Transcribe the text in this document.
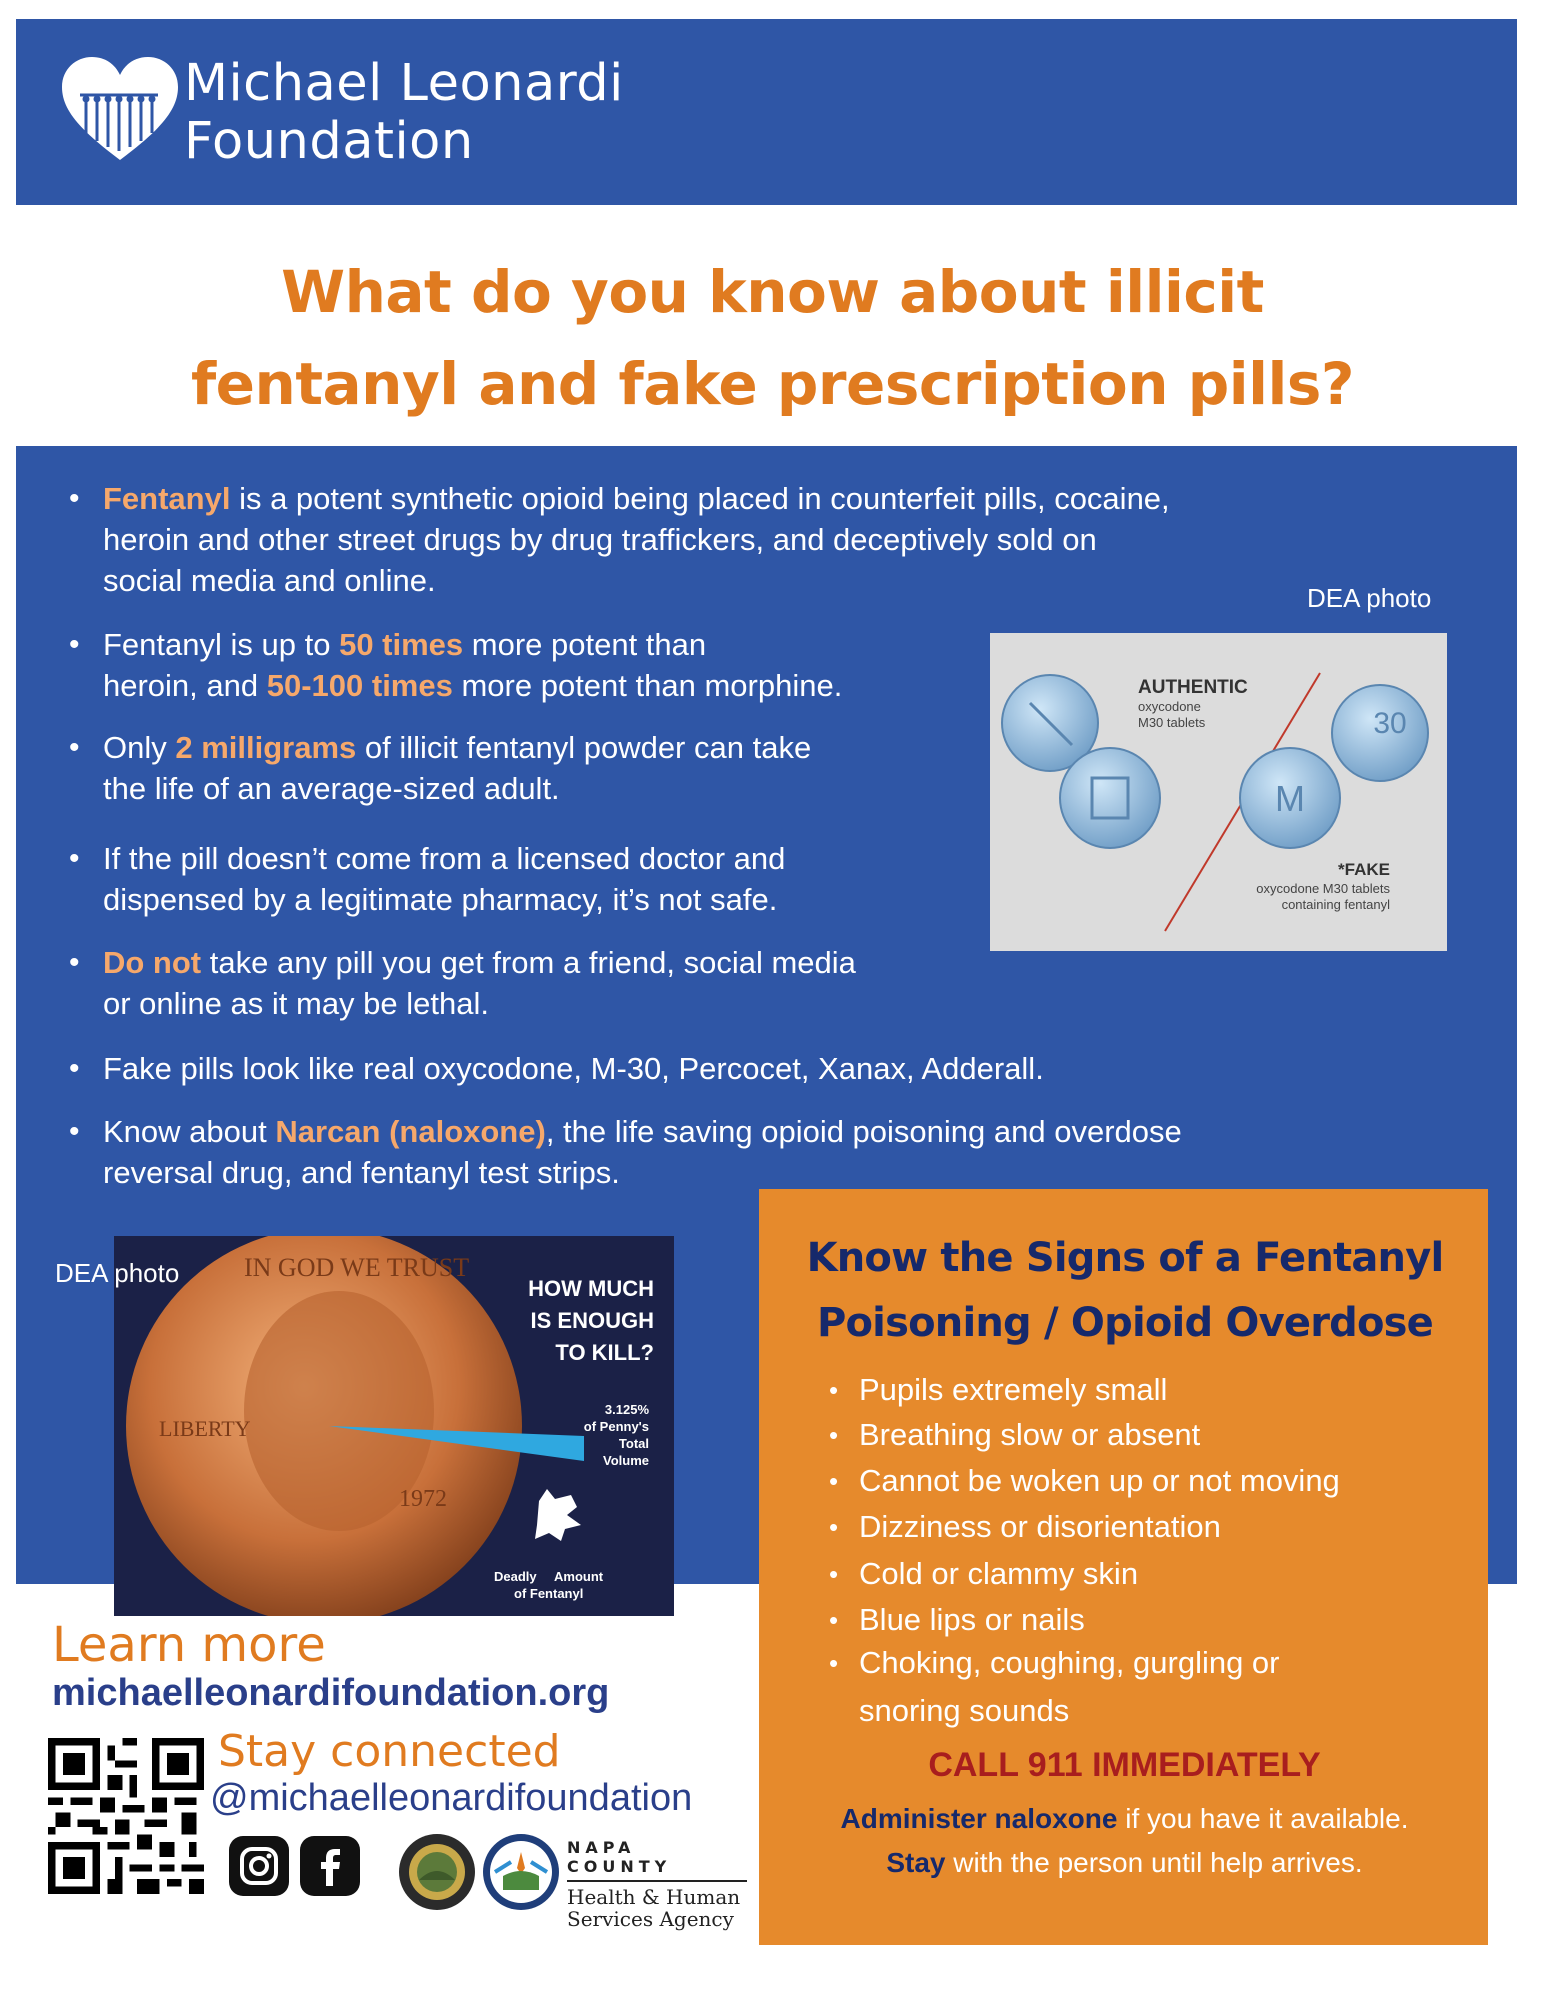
Michael Leonardi
Foundation
What do you know about illicit
fentanyl and fake prescription pills?
• Fentanyl is a potent synthetic opioid being placed in counterfeit pills, cocaine,
heroin and other street drugs by drug traffickers, and deceptively sold on
social media and online.
• Fentanyl is up to 50 times more potent than
heroin, and 50-100 times more potent than morphine.
• Only 2 milligrams of illicit fentanyl powder can take
the life of an average-sized adult.
• If the pill doesn’t come from a licensed doctor and
dispensed by a legitimate pharmacy, it’s not safe.
• Do not take any pill you get from a friend, social media
or online as it may be lethal.
• Fake pills look like real oxycodone, M-30, Percocet, Xanax, Adderall.
• Know about Narcan (naloxone), the life saving opioid poisoning and overdose
reversal drug, and fentanyl test strips.
DEA photo
M
30
AUTHENTIC
oxycodone
M30 tablets
*FAKE
oxycodone M30 tablets
containing fentanyl
IN GOD WE TRUST
LIBERTY
1972
HOW MUCH
IS ENOUGH
TO KILL?
3.125%
of Penny's
Total
Volume
Deadly Amount
of Fentanyl
DEA photo	Know the Signs of a Fentanyl
Poisoning / Opioid Overdose
• Pupils extremely small
• Breathing slow or absent
• Cannot be woken up or not moving
• Dizziness or disorientation
• Cold or clammy skin
• Blue lips or nails
• Choking, coughing, gurgling or
snoring sounds
CALL 911 IMMEDIATELY
Administer naloxone if you have it available.
Stay with the person until help arrives.
Learn more
michaelleonardifoundation.org
Stay connected
@michaelleonardifoundation
NAPA COUNTY
Health & Human
Services Agency
